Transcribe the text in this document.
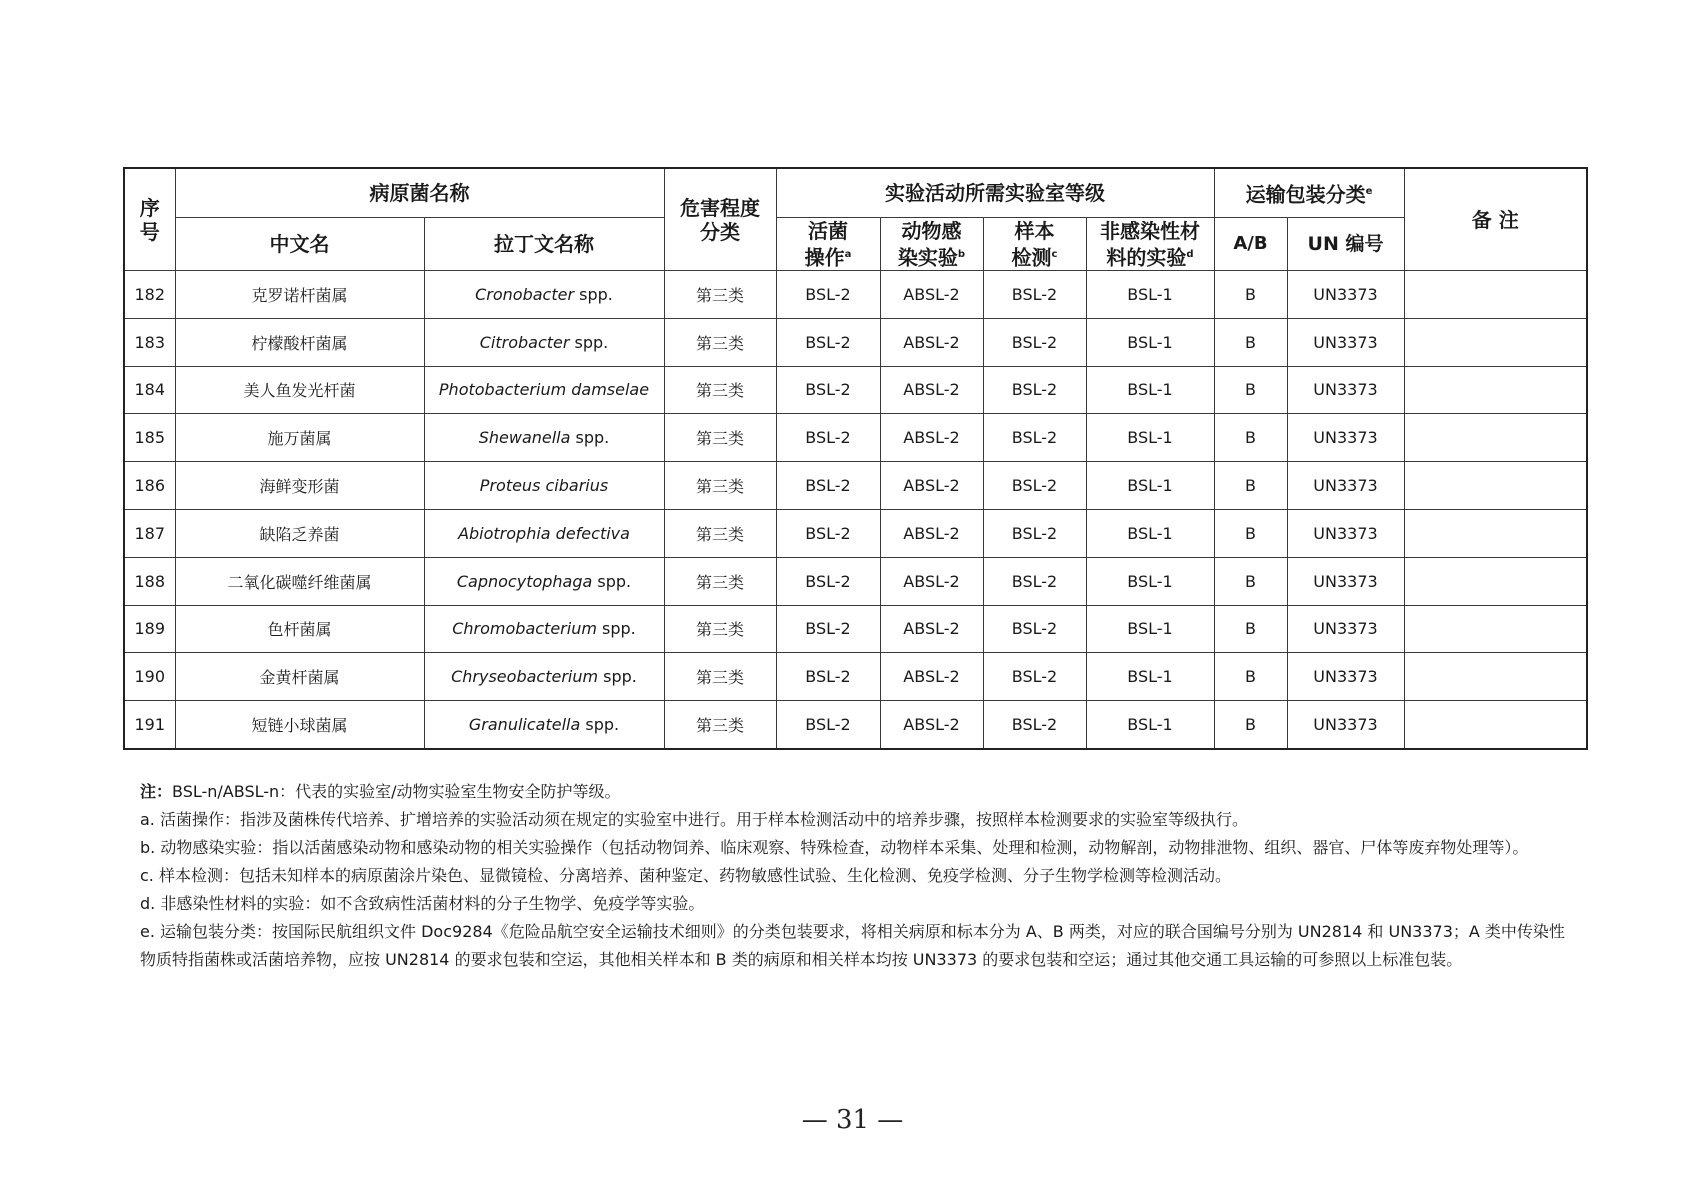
序号	病原菌名称		危害程度分类	实验活动所需实验室等级				运输包装分类$^e$		备 注
	中文名	拉丁文名称		活菌操作$^a$	动物感染实验$^b$	样本检测$^c$	非感染性材料的实验$^d$	A/B	UN 编号	
182	克罗诺杆菌属	Cronobacter spp.	第三类	BSL-2	ABSL-2	BSL-2	BSL-1	B	UN3373	
183	柠檬酸杆菌属	Citrobacter spp.	第三类	BSL-2	ABSL-2	BSL-2	BSL-1	B	UN3373	
184	美人鱼发光杆菌	Photobacterium damselae	第三类	BSL-2	ABSL-2	BSL-2	BSL-1	B	UN3373	
185	施万菌属	Shewanella spp.	第三类	BSL-2	ABSL-2	BSL-2	BSL-1	B	UN3373	
186	海鲜变形菌	Proteus cibarius	第三类	BSL-2	ABSL-2	BSL-2	BSL-1	B	UN3373	
187	缺陷乏养菌	Abiotrophia defectiva	第三类	BSL-2	ABSL-2	BSL-2	BSL-1	B	UN3373	
188	二氧化碳噬纤维菌属	Capnocytophaga spp.	第三类	BSL-2	ABSL-2	BSL-2	BSL-1	B	UN3373	
189	色杆菌属	Chromobacterium spp.	第三类	BSL-2	ABSL-2	BSL-2	BSL-1	B	UN3373	
190	金黄杆菌属	Chryseobacterium spp.	第三类	BSL-2	ABSL-2	BSL-2	BSL-1	B	UN3373	
191	短链小球菌属	Granulicatella spp.	第三类	BSL-2	ABSL-2	BSL-2	BSL-1	B	UN3373	

注：BSL-n/ABSL-n：代表的实验室/动物实验室生物安全防护等级。

a. 活菌操作：指涉及菌株传代培养、扩增培养的实验活动须在规定的实验室中进行。用于样本检测活动中的培养步骤，按照样本检测要求的实验室等级执行。

b. 动物感染实验：指以活菌感染动物和感染动物的相关实验操作（包括动物饲养、临床观察、特殊检查，动物样本采集、处理和检测，动物解剖，动物排泄物、组织、器官、尸体等废弃物处理等）。

c. 样本检测：包括未知样本的病原菌涂片染色、显微镜检、分离培养、菌种鉴定、药物敏感性试验、生化检测、免疫学检测、分子生物学检测等检测活动。

d. 非感染性材料的实验：如不含致病性活菌材料的分子生物学、免疫学等实验。

e. 运输包装分类：按国际民航组织文件 Doc9284《危险品航空安全运输技术细则》的分类包装要求，将相关病原和标本分为 A、B 两类，对应的联合国编号分别为 UN2814 和 UN3373；A 类中传染性物质特指菌株或活菌培养物，应按 UN2814 的要求包装和空运，其他相关样本和 B 类的病原和相关样本均按 UN3373 的要求包装和空运；通过其他交通工具运输的可参照以上标准包装。

— 31 —
